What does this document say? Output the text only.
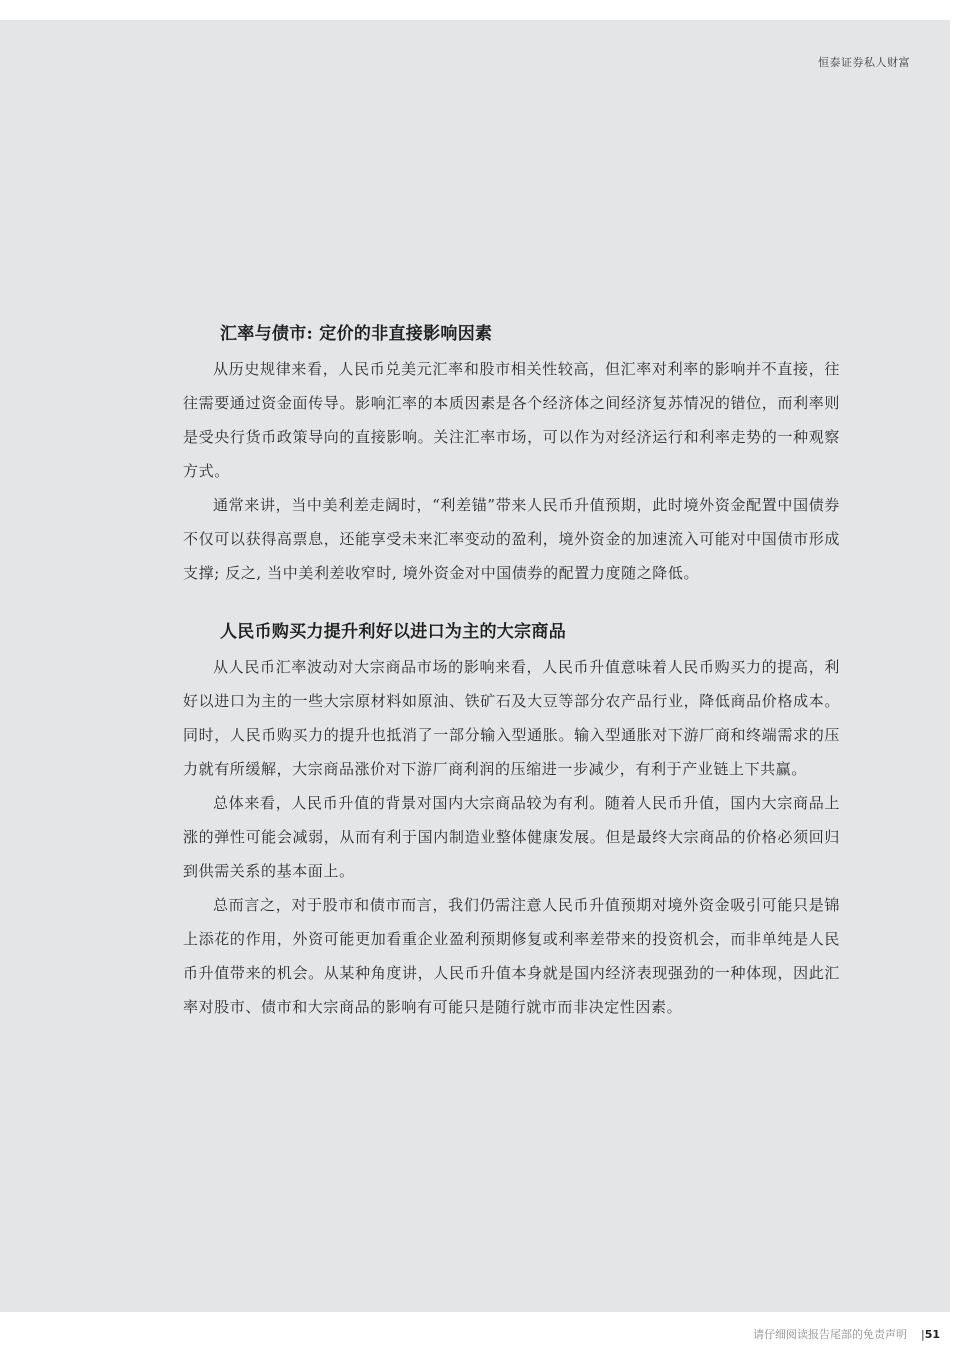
恒泰证券私人财富
汇率与债市: 定价的非直接影响因素

从历史规律来看，人民币兑美元汇率和股市相关性较高，但汇率对利率的影响并不直接，往往需要通过资金面传导。影响汇率的本质因素是各个经济体之间经济复苏情况的错位，而利率则是受央行货币政策导向的直接影响。关注汇率市场，可以作为对经济运行和利率走势的一种观察方式。

通常来讲，当中美利差走阔时，“利差锚”带来人民币升值预期，此时境外资金配置中国债券不仅可以获得高票息，还能享受未来汇率变动的盈利，境外资金的加速流入可能对中国债市形成支撑; 反之, 当中美利差收窄时, 境外资金对中国债券的配置力度随之降低。

人民币购买力提升利好以进口为主的大宗商品

从人民币汇率波动对大宗商品市场的影响来看，人民币升值意味着人民币购买力的提高，利好以进口为主的一些大宗原材料如原油、铁矿石及大豆等部分农产品行业，降低商品价格成本。同时，人民币购买力的提升也抵消了一部分输入型通胀。输入型通胀对下游厂商和终端需求的压力就有所缓解，大宗商品涨价对下游厂商利润的压缩进一步减少，有利于产业链上下共赢。

总体来看，人民币升值的背景对国内大宗商品较为有利。随着人民币升值，国内大宗商品上涨的弹性可能会减弱，从而有利于国内制造业整体健康发展。但是最终大宗商品的价格必须回归到供需关系的基本面上。

总而言之，对于股市和债市而言，我们仍需注意人民币升值预期对境外资金吸引可能只是锦上添花的作用，外资可能更加看重企业盈利预期修复或利率差带来的投资机会，而非单纯是人民币升值带来的机会。从某种角度讲，人民币升值本身就是国内经济表现强劲的一种体现，因此汇率对股市、债市和大宗商品的影响有可能只是随行就市而非决定性因素。

请仔细阅读报告尾部的免责声明 |51
